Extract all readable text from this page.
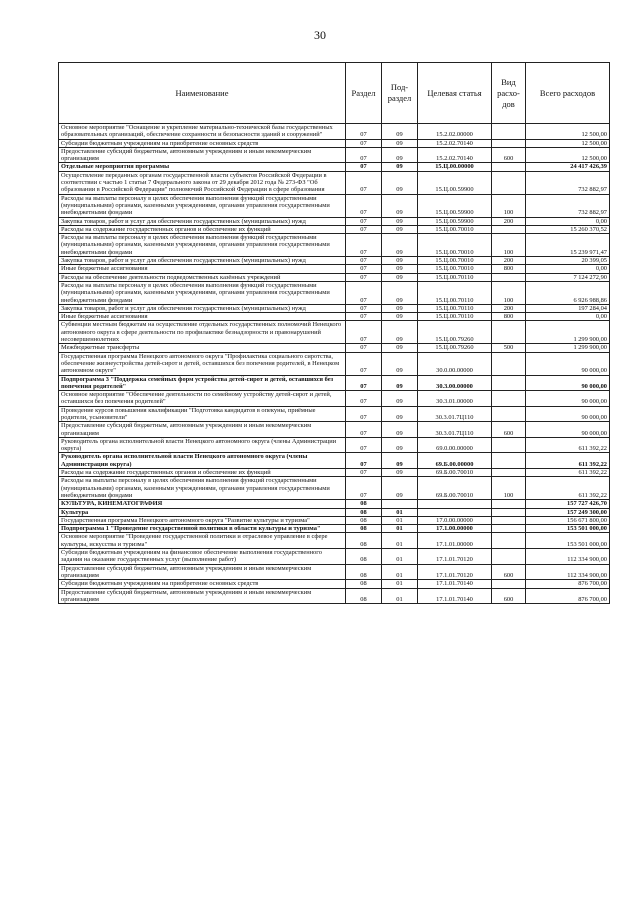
30
Наименование	Раздел	Под-раздел	Целевая статья	Вид расхо-дов	Всего расходов
Основное мероприятие "Оснащение и укрепление материально-технической базы государственных образовательных организаций, обеспечение сохранности и безопасности зданий и сооружений"	07	09	15.2.02.00000		12 500,00
Субсидии бюджетным учреждениям на приобретение основных средств	07	09	15.2.02.70140		12 500,00
Предоставление субсидий бюджетным, автономным учреждениям и иным некоммерческим организациям	07	09	15.2.02.70140	600	12 500,00
Отдельные мероприятия программы	07	09	15.Ц.00.00000		24 417 426,39
Осуществление переданных органам государственной власти субъектов Российской Федерации в соответствии с частью 1 статьи 7 Федерального закона от 29 декабря 2012 года № 273-ФЗ "Об образовании в Российской Федерации" полномочий Российской Федерации в сфере образования	07	09	15.Ц.00.59900		732 882,97
Расходы на выплаты персоналу в целях обеспечения выполнения функций государственными (муниципальными) органами, казенными учреждениями, органами управления государственными внебюджетными фондами	07	09	15.Ц.00.59900	100	732 882,97
Закупка товаров, работ и услуг для обеспечения государственных (муниципальных) нужд	07	09	15.Ц.00.59900	200	0,00
Расходы на содержание государственных органов и обеспечение их функций	07	09	15.Ц.00.70010		15 260 370,52
Расходы на выплаты персоналу в целях обеспечения выполнения функций государственными (муниципальными) органами, казенными учреждениями, органами управления государственными внебюджетными фондами	07	09	15.Ц.00.70010	100	15 239 971,47
Закупка товаров, работ и услуг для обеспечения государственных (муниципальных) нужд	07	09	15.Ц.00.70010	200	20 399,05
Иные бюджетные ассигнования	07	09	15.Ц.00.70010	800	0,00
Расходы на обеспечение деятельности подведомственных казённых учреждений	07	09	15.Ц.00.70110		7 124 272,90
Расходы на выплаты персоналу в целях обеспечения выполнения функций государственными (муниципальными) органами, казенными учреждениями, органами управления государственными внебюджетными фондами	07	09	15.Ц.00.70110	100	6 926 988,86
Закупка товаров, работ и услуг для обеспечения государственных (муниципальных) нужд	07	09	15.Ц.00.70110	200	197 284,04
Иные бюджетные ассигнования	07	09	15.Ц.00.70110	800	0,00
Субвенции местным бюджетам на осуществление отдельных государственных полномочий Ненецкого автономного округа в сфере деятельности по профилактике безнадзорности и правонарушений несовершеннолетних	07	09	15.Ц.00.79260		1 299 900,00
Межбюджетные трансферты	07	09	15.Ц.00.79260	500	1 299 900,00
Государственная программа Ненецкого автономного округа "Профилактика социального сиротства, обеспечение жизнеустройства детей-сирот и детей, оставшихся без попечения родителей, в Ненецком автономном округе"	07	09	30.0.00.00000		90 000,00
Подпрограмма 3 "Поддержка семейных форм устройства детей-сирот и детей, оставшихся без попечения родителей"	07	09	30.3.00.00000		90 000,00
Основное мероприятие "Обеспечение деятельности по семейному устройству детей-сирот и детей, оставшихся без попечения родителей"	07	09	30.3.01.00000		90 000,00
Проведение курсов повышения квалификации "Подготовка кандидатов в опекуны, приёмные родители, усыновители"	07	09	30.3.01.7Ц110		90 000,00
Предоставление субсидий бюджетным, автономным учреждениям и иным некоммерческим организациям	07	09	30.3.01.7Ц110	600	90 000,00
Руководитель органа исполнительной власти Ненецкого автономного округа (члены Администрации округа)	07	09	69.0.00.00000		611 392,22
Руководитель органа исполнительной власти Ненецкого автономного округа (члены Администрации округа)	07	09	69.Б.00.00000		611 392,22
Расходы на содержание государственных органов и обеспечение их функций	07	09	69.Б.00.70010		611 392,22
Расходы на выплаты персоналу в целях обеспечения выполнения функций государственными (муниципальными) органами, казенными учреждениями, органами управления государственными внебюджетными фондами	07	09	69.Б.00.70010	100	611 392,22
КУЛЬТУРА, КИНЕМАТОГРАФИЯ	08				157 727 426,70
Культура	08	01			157 249 300,00
Государственная программа Ненецкого автономного округа "Развитие культуры и туризма"	08	01	17.0.00.00000		156 671 800,00
Подпрограмма 1 "Проведение государственной политики в области культуры и туризма"	08	01	17.1.00.00000		153 501 000,00
Основное мероприятие "Проведение государственной политики и отраслевое управление в сфере культуры, искусства и туризма"	08	01	17.1.01.00000		153 501 000,00
Субсидии бюджетным учреждениям на финансовое обеспечение выполнения государственного задания на оказание государственных услуг (выполнение работ)	08	01	17.1.01.70120		112 334 900,00
Предоставление субсидий бюджетным, автономным учреждениям и иным некоммерческим организациям	08	01	17.1.01.70120	600	112 334 900,00
Субсидии бюджетным учреждениям на приобретение основных средств	08	01	17.1.01.70140		876 700,00
Предоставление субсидий бюджетным, автономным учреждениям и иным некоммерческим организациям	08	01	17.1.01.70140	600	876 700,00
